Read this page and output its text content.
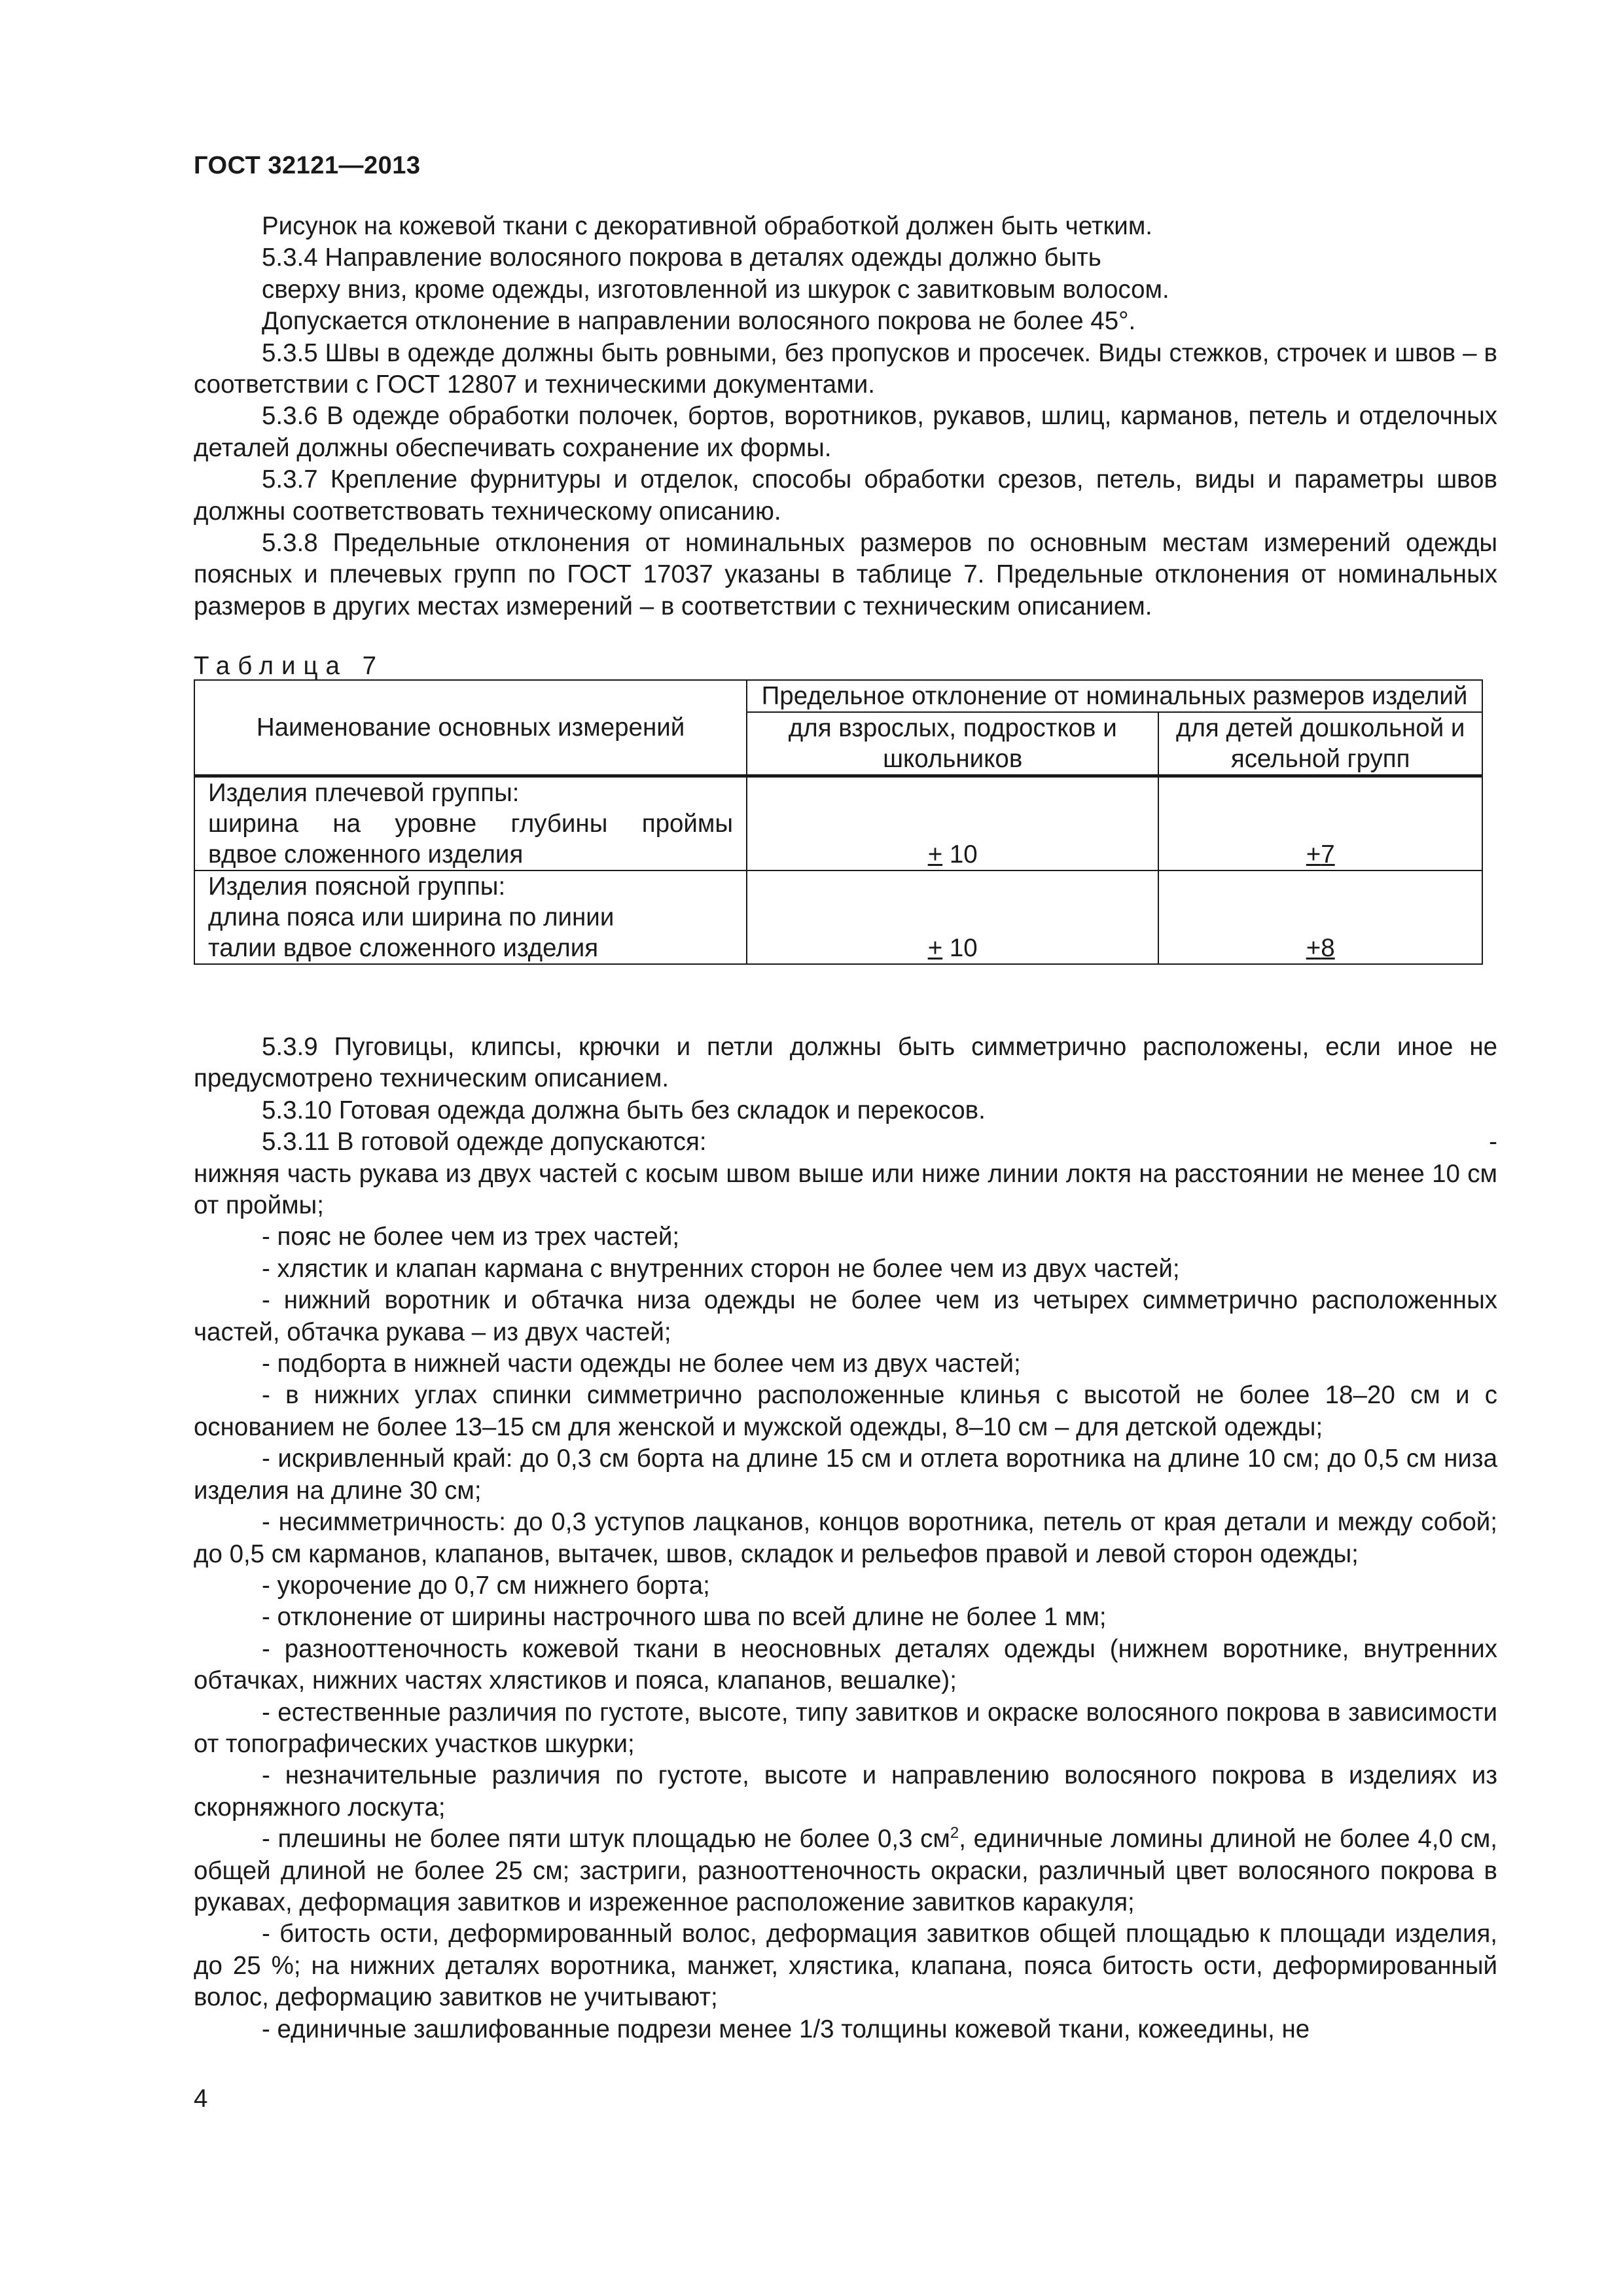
ГОСТ 32121—2013

Рисунок на кожевой ткани с декоративной обработкой должен быть четким.

5.3.4 Направление волосяного покрова в деталях одежды должно быть

сверху вниз, кроме одежды, изготовленной из шкурок с завитковым волосом.

Допускается отклонение в направлении волосяного покрова не более 45°.

5.3.5 Швы в одежде должны быть ровными, без пропусков и просечек. Виды стежков, строчек и швов – в соответствии с ГОСТ 12807 и техническими документами.

5.3.6 В одежде обработки полочек, бортов, воротников, рукавов, шлиц, карманов, петель и отделочных деталей должны обеспечивать сохранение их формы.

5.3.7 Крепление фурнитуры и отделок, способы обработки срезов, петель, виды и параметры швов должны соответствовать техническому описанию.

5.3.8 Предельные отклонения от номинальных размеров по основным местам измерений одежды поясных и плечевых групп по ГОСТ 17037 указаны в таблице 7. Предельные отклонения от номинальных размеров в других местах измерений – в соответствии с техническим описанием.

Таблица 7
Наименование основных измерений	Предельное отклонение от номинальных размеров изделий	
	для взрослых, подростков и школьников	для детей дошкольной и ясельной групп

Изделия плечевой группы:
ширина на уровне глубины проймы
вдвое сложенного изделия	+ 10	+7

Изделия поясной группы:
длина пояса или ширина по линии
талии вдвое сложенного изделия	+ 10	+8

5.3.9 Пуговицы, клипсы, крючки и петли должны быть симметрично расположены, если иное не предусмотрено техническим описанием.

5.3.10 Готовая одежда должна быть без складок и перекосов.

5.3.11 В готовой одежде допускаются:	-

нижняя часть рукава из двух частей с косым швом выше или ниже линии локтя на расстоянии не менее 10 см от проймы;

- пояс не более чем из трех частей;

- хлястик и клапан кармана с внутренних сторон не более чем из двух частей;

- нижний воротник и обтачка низа одежды не более чем из четырех симметрично расположенных частей, обтачка рукава – из двух частей;

- подборта в нижней части одежды не более чем из двух частей;

- в нижних углах спинки симметрично расположенные клинья с высотой не более 18–20 см и с основанием не более 13–15 см для женской и мужской одежды, 8–10 см – для детской одежды;

- искривленный край: до 0,3 см борта на длине 15 см и отлета воротника на длине 10 см; до 0,5 см низа изделия на длине 30 см;

- несимметричность: до 0,3 уступов лацканов, концов воротника, петель от края детали и между собой; до 0,5 см карманов, клапанов, вытачек, швов, складок и рельефов правой и левой сторон одежды;

- укорочение до 0,7 см нижнего борта;

- отклонение от ширины настрочного шва по всей длине не более 1 мм;

- разнооттеночность кожевой ткани в неосновных деталях одежды (нижнем воротнике, внутренних обтачках, нижних частях хлястиков и пояса, клапанов, вешалке);

- естественные различия по густоте, высоте, типу завитков и окраске волосяного покрова в зависимости от топографических участков шкурки;

- незначительные различия по густоте, высоте и направлению волосяного покрова в изделиях из скорняжного лоскута;

- плешины не более пяти штук площадью не более 0,3 $см^2$, единичные ломины длиной не более 4,0 см, общей длиной не более 25 см; застриги, разнооттеночность окраски, различный цвет волосяного покрова в рукавах, деформация завитков и изреженное расположение завитков каракуля;

- битость ости, деформированный волос, деформация завитков общей площадью к площади изделия, до 25 %; на нижних деталях воротника, манжет, хлястика, клапана, пояса битость ости, деформированный волос, деформацию завитков не учитывают;

- единичные зашлифованные подрези менее 1/3 толщины кожевой ткани, кожеедины, не

4
